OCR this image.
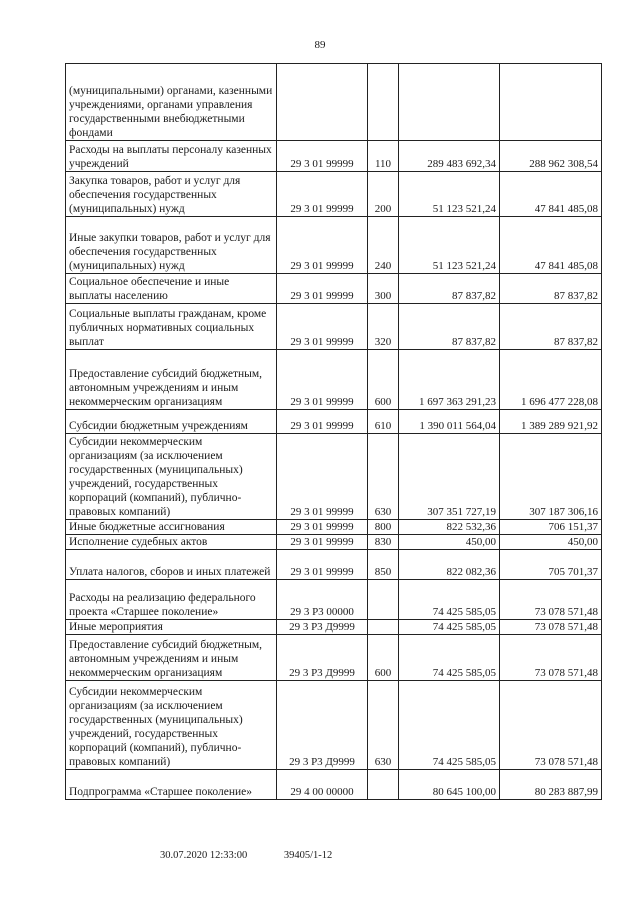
89
(муниципальными) органами, казенными учреждениями, органами управления государственными внебюджетными фондами				
Расходы на выплаты персоналу казенных учреждений	29 3 01 99999	110	289 483 692,34	288 962 308,54
Закупка товаров, работ и услуг для обеспечения государственных (муниципальных) нужд	29 3 01 99999	200	51 123 521,24	47 841 485,08
Иные закупки товаров, работ и услуг для обеспечения государственных (муниципальных) нужд	29 3 01 99999	240	51 123 521,24	47 841 485,08
Социальное обеспечение и иные выплаты населению	29 3 01 99999	300	87 837,82	87 837,82
Социальные выплаты гражданам, кроме публичных нормативных социальных выплат	29 3 01 99999	320	87 837,82	87 837,82
Предоставление субсидий бюджетным, автономным учреждениям и иным некоммерческим организациям	29 3 01 99999	600	1 697 363 291,23	1 696 477 228,08
Субсидии бюджетным учреждениям	29 3 01 99999	610	1 390 011 564,04	1 389 289 921,92
Субсидии некоммерческим организациям (за исключением государственных (муниципальных) учреждений, государственных корпораций (компаний), публично-правовых компаний)	29 3 01 99999	630	307 351 727,19	307 187 306,16
Иные бюджетные ассигнования	29 3 01 99999	800	822 532,36	706 151,37
Исполнение судебных актов	29 3 01 99999	830	450,00	450,00
Уплата налогов, сборов и иных платежей	29 3 01 99999	850	822 082,36	705 701,37
Расходы на реализацию федерального проекта «Старшее поколение»	29 3 P3 00000		74 425 585,05	73 078 571,48
Иные мероприятия	29 3 P3 Д9999		74 425 585,05	73 078 571,48
Предоставление субсидий бюджетным, автономным учреждениям и иным некоммерческим организациям	29 3 P3 Д9999	600	74 425 585,05	73 078 571,48
Субсидии некоммерческим организациям (за исключением государственных (муниципальных) учреждений, государственных корпораций (компаний), публично-правовых компаний)	29 3 P3 Д9999	630	74 425 585,05	73 078 571,48
Подпрограмма «Старшее поколение»	29 4 00 00000		80 645 100,00	80 283 887,99
30.07.2020 12:33:00	39405/1-12
